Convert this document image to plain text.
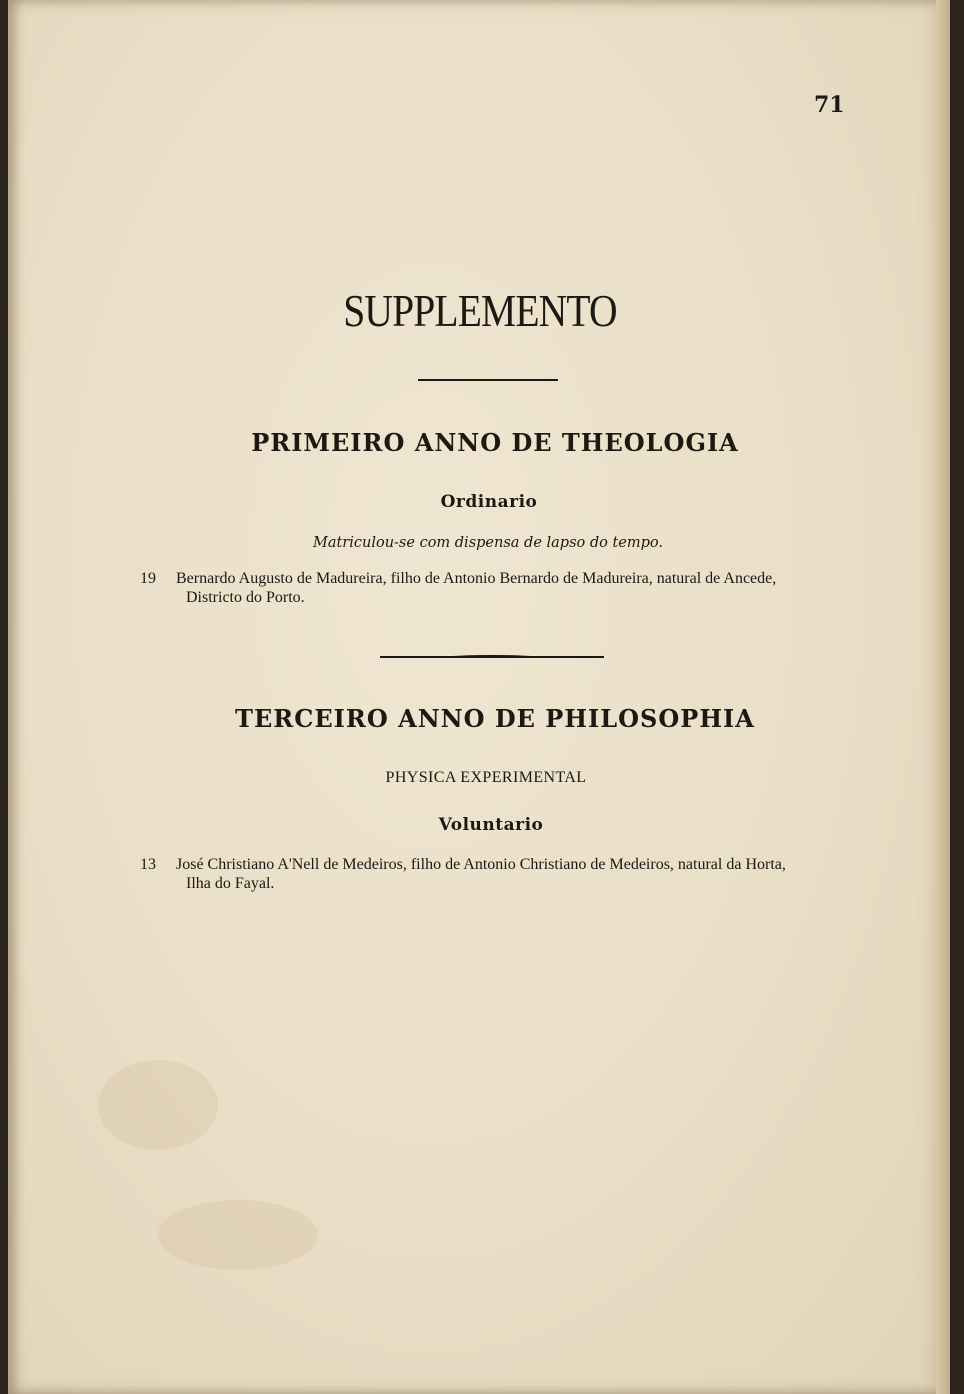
71
SUPPLEMENTO
PRIMEIRO ANNO DE THEOLOGIA
Ordinario
Matriculou-se com dispensa de lapso do tempo.
19 Bernardo Augusto de Madureira, filho de Antonio Bernardo de Madureira, natural de Ancede,
Districto do Porto.
TERCEIRO ANNO DE PHILOSOPHIA
PHYSICA EXPERIMENTAL
Voluntario
13 José Christiano A'Nell de Medeiros, filho de Antonio Christiano de Medeiros, natural da Horta,
Ilha do Fayal.
